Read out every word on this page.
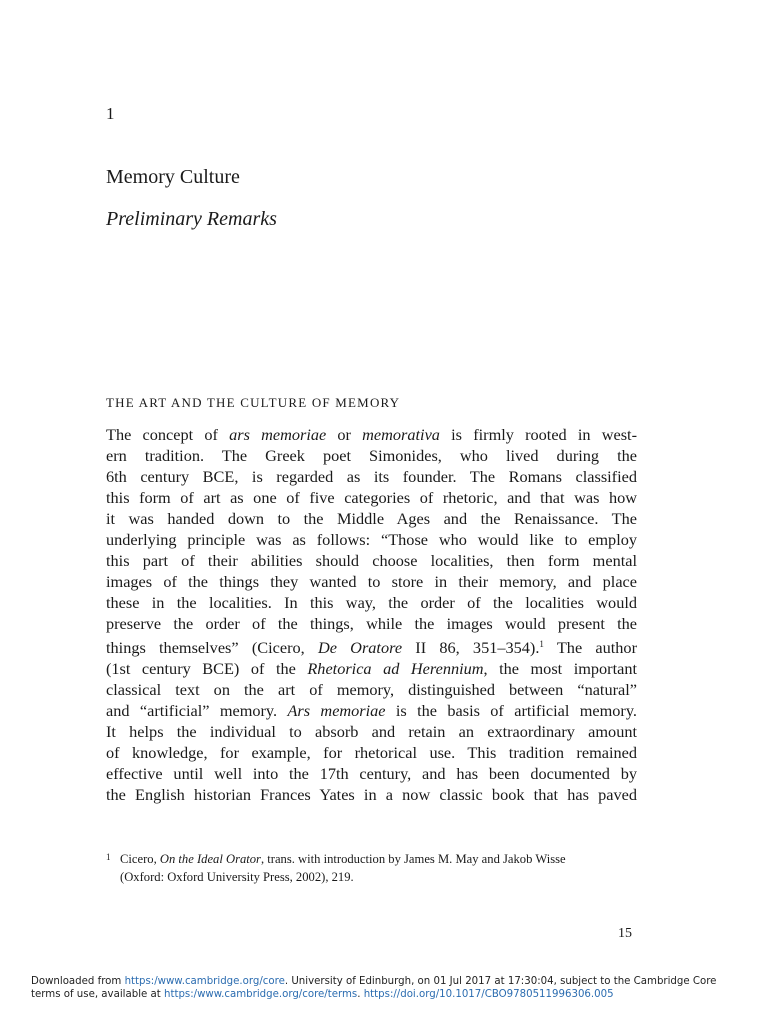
1
Memory Culture
Preliminary Remarks
THE ART AND THE CULTURE OF MEMORY
The concept of ars memoriae or memorativa is firmly rooted in west-
ern tradition. The Greek poet Simonides, who lived during the
6th century BCE, is regarded as its founder. The Romans classified
this form of art as one of five categories of rhetoric, and that was how
it was handed down to the Middle Ages and the Renaissance. The
underlying principle was as follows: “Those who would like to employ
this part of their abilities should choose localities, then form mental
images of the things they wanted to store in their memory, and place
these in the localities. In this way, the order of the localities would
preserve the order of the things, while the images would present the
things themselves” (Cicero, De Oratore II 86, 351–354).$^1$ The author
(1st century BCE) of the Rhetorica ad Herennium, the most important
classical text on the art of memory, distinguished between “natural”
and “artificial” memory. Ars memoriae is the basis of artificial memory.
It helps the individual to absorb and retain an extraordinary amount
of knowledge, for example, for rhetorical use. This tradition remained
effective until well into the 17th century, and has been documented by
the English historian Frances Yates in a now classic book that has paved
1 Cicero, On the Ideal Orator, trans. with introduction by James M. May and Jakob Wisse
(Oxford: Oxford University Press, 2002), 219.
15
Downloaded from https:/www.cambridge.org/core. University of Edinburgh, on 01 Jul 2017 at 17:30:04, subject to the Cambridge Core
terms of use, available at https:/www.cambridge.org/core/terms. https://doi.org/10.1017/CBO9780511996306.005
